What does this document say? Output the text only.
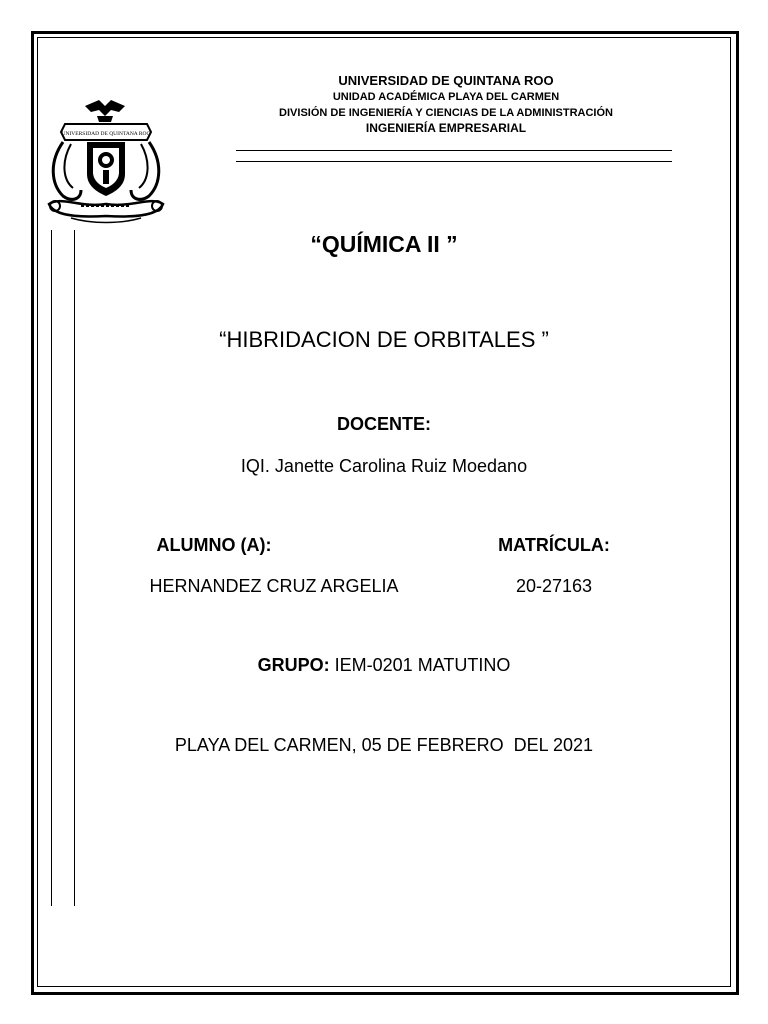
UNIVERSIDAD DE QUINTANA ROO
UNIVERSIDAD DE QUINTANA ROO
UNIDAD ACADÉMICA PLAYA DEL CARMEN
DIVISIÓN DE INGENIERÍA Y CIENCIAS DE LA ADMINISTRACIÓN
INGENIERÍA EMPRESARIAL
“QUÍMICA II ”
“HIBRIDACION DE ORBITALES ”
DOCENTE:
IQI. Janette Carolina Ruiz Moedano
ALUMNO (A):	MATRÍCULA:
HERNANDEZ CRUZ ARGELIA	20-27163
GRUPO: IEM-0201 MATUTINO
PLAYA DEL CARMEN, 05 DE FEBRERO  DEL 2021
